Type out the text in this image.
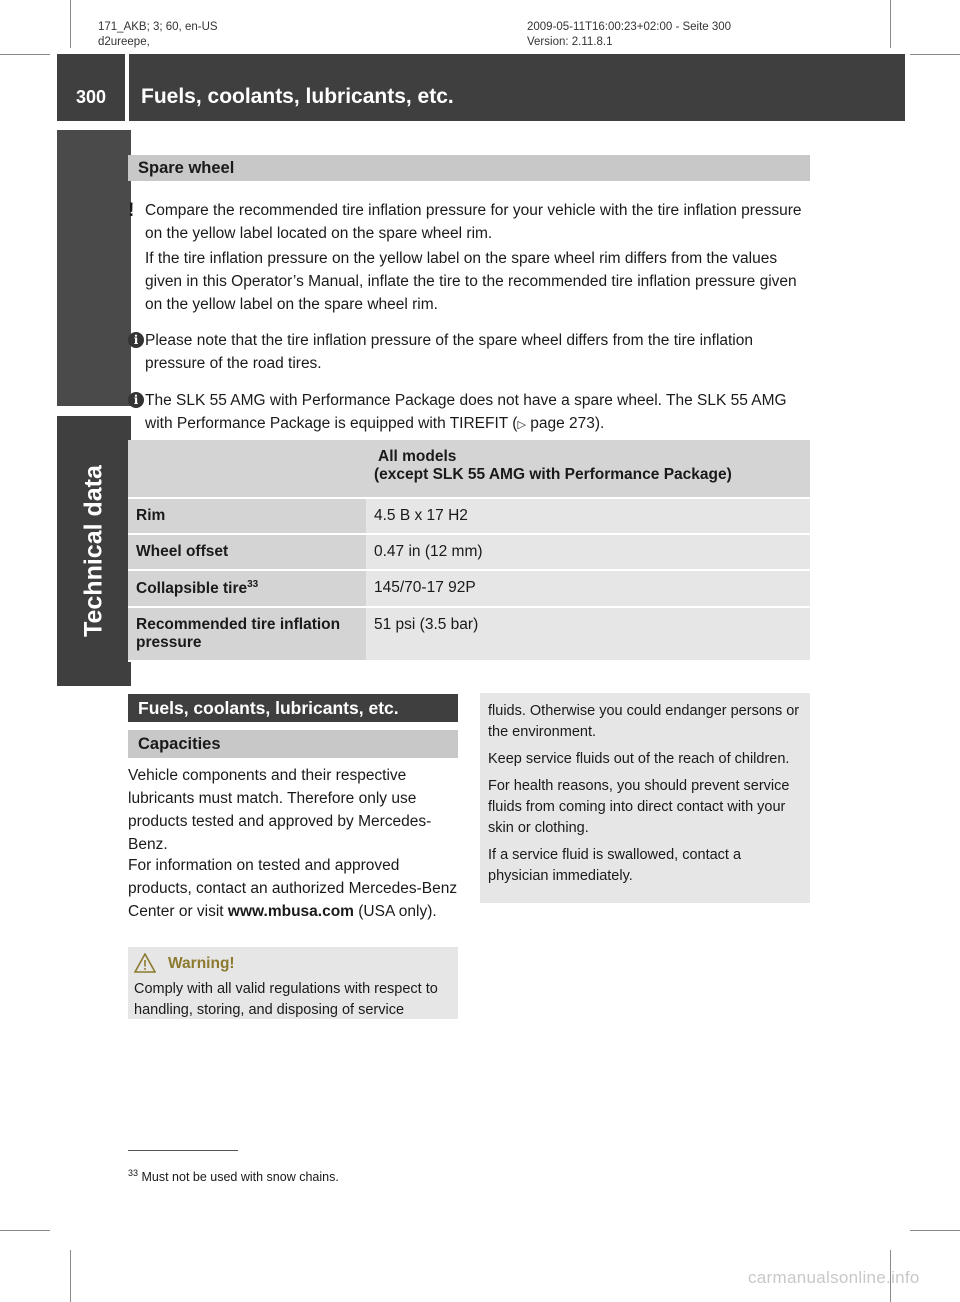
171_AKB; 3; 60, en-US
d2ureepe,
2009-05-11T16:00:23+02:00 - Seite 300
Version: 2.11.8.1
300	Fuels, coolants, lubricants, etc.
Technical data
Spare wheel
! Compare the recommended tire inflation pressure for your vehicle with the tire inflation pressure on the yellow label located on the spare wheel rim.
If the tire inflation pressure on the yellow label on the spare wheel rim differs from the values given in this Operator’s Manual, inflate the tire to the recommended tire inflation pressure given on the yellow label on the spare wheel rim.
i Please note that the tire inflation pressure of the spare wheel differs from the tire inflation pressure of the road tires.
i The SLK 55 AMG with Performance Package does not have a spare wheel. The SLK 55 AMG with Performance Package is equipped with TIREFIT (▷ page 273).

	All models
(except SLK 55 AMG with Performance Package)

Rim	4.5 B x 17 H2
Wheel offset	0.47 in (12 mm)
Collapsible tire$^{33}$	145/70-17 92P
Recommended tire inflation pressure	51 psi (3.5 bar)
Fuels, coolants, lubricants, etc.
Capacities
Vehicle components and their respective lubricants must match. Therefore only use products tested and approved by Mercedes-Benz.
For information on tested and approved products, contact an authorized Mercedes-Benz Center or visit www.mbusa.com (USA only).
Warning!
Comply with all valid regulations with respect to handling, storing, and disposing of service

fluids. Otherwise you could endanger persons or the environment.

Keep service fluids out of the reach of children.

For health reasons, you should prevent service fluids from coming into direct contact with your skin or clothing.

If a service fluid is swallowed, contact a physician immediately.

$^{33}$ Must not be used with snow chains.
carmanualsonline.info
